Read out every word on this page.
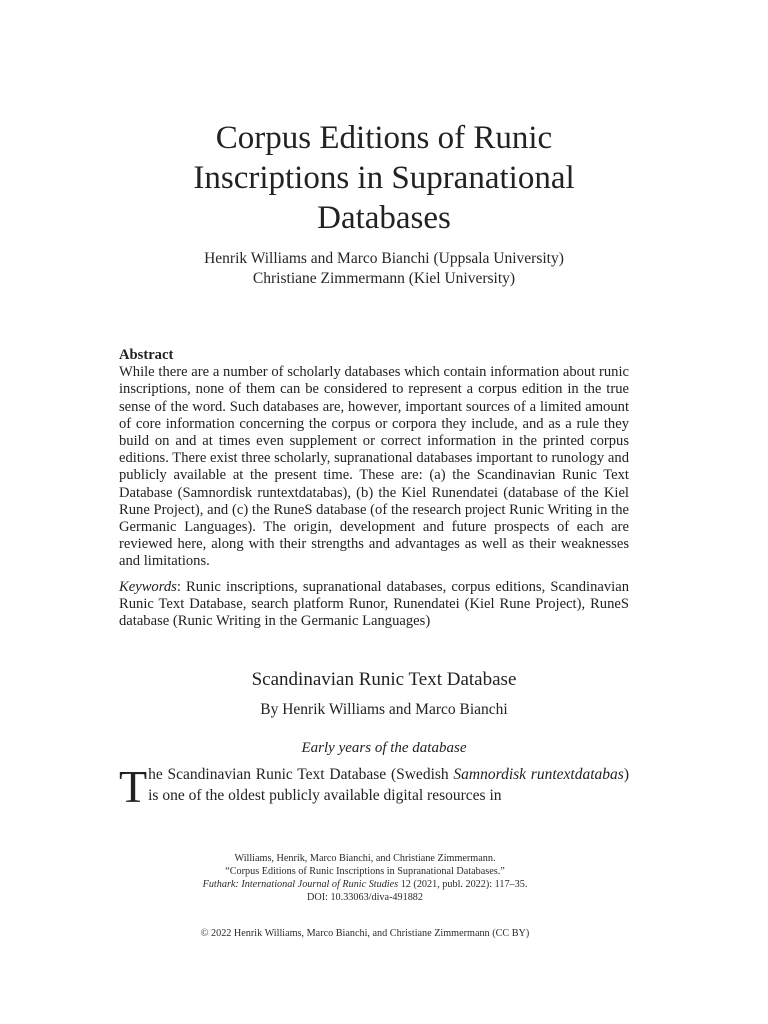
Corpus Editions of Runic
Inscriptions in Supranational
Databases
Henrik Williams and Marco Bianchi (Uppsala University)
Christiane Zimmermann (Kiel University)
Abstract
While there are a number of scholarly databases which contain information about runic inscriptions, none of them can be considered to represent a corpus edition in the true sense of the word. Such databases are, however, important sources of a limited amount of core information concerning the corpus or corpora they include, and as a rule they build on and at times even supplement or correct information in the printed corpus editions. There exist three scholarly, supranational databases important to runology and publicly available at the present time. These are: (a) the Scandinavian Runic Text Database (Samnordisk runtextdatabas), (b) the Kiel Runendatei (database of the Kiel Rune Project), and (c) the RuneS database (of the research project Runic Writing in the Germanic Languages). The origin, development and future prospects of each are reviewed here, along with their strengths and advantages as well as their weaknesses and limitations.
Keywords: Runic inscriptions, supranational databases, corpus editions, Scandinavian Runic Text Database, search platform Runor, Runendatei (Kiel Rune Project), RuneS database (Runic Writing in the Germanic Languages)
Scandinavian Runic Text Database
By Henrik Williams and Marco Bianchi
Early years of the database
The Scandinavian Runic Text Database (Swedish Samnordisk runtextdatabas) is one of the oldest publicly available digital resources in
Williams, Henrik, Marco Bianchi, and Christiane Zimmermann.
“Corpus Editions of Runic Inscriptions in Supranational Databases.”
Futhark: International Journal of Runic Studies 12 (2021, publ. 2022): 117–35.
DOI: 10.33063/diva-491882
© 2022 Henrik Williams, Marco Bianchi, and Christiane Zimmermann (CC BY)
